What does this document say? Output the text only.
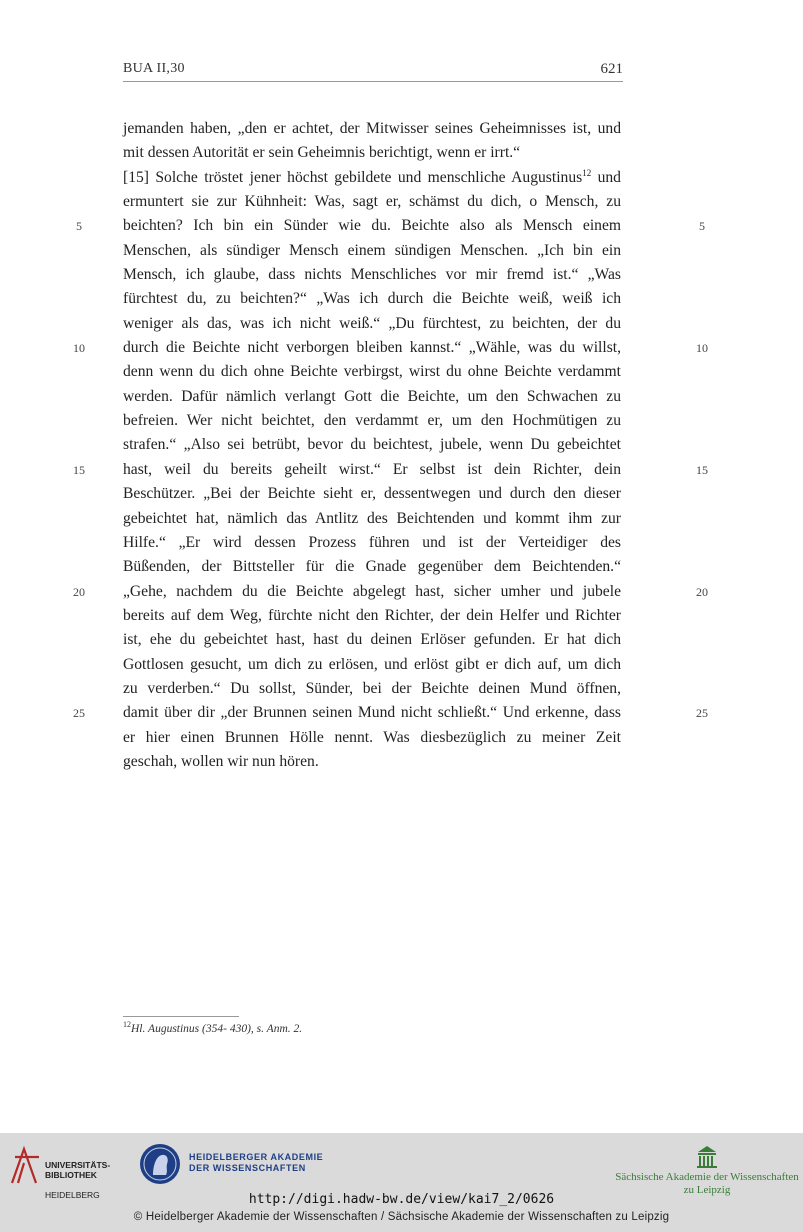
BUA II,30	621
jemanden haben, „den er achtet, der Mitwisser seines Geheimnisses ist, und
mit dessen Autorität er sein Geheimnis berichtigt, wenn er irrt.“
[15] Solche tröstet jener höchst gebildete und menschliche Augustinus$^{12}$ und
ermuntert sie zur Kühnheit: Was, sagt er, schämst du dich, o Mensch, zu
beichten? Ich bin ein Sünder wie du. Beichte also als Mensch einem
Menschen, als sündiger Mensch einem sündigen Menschen. „Ich bin ein
Mensch, ich glaube, dass nichts Menschliches vor mir fremd ist.“ „Was
fürchtest du, zu beichten?“ „Was ich durch die Beichte weiß, weiß ich
weniger als das, was ich nicht weiß.“ „Du fürchtest, zu beichten, der du
durch die Beichte nicht verborgen bleiben kannst.“ „Wähle, was du willst,
denn wenn du dich ohne Beichte verbirgst, wirst du ohne Beichte verdammt
werden. Dafür nämlich verlangt Gott die Beichte, um den Schwachen zu
befreien. Wer nicht beichtet, den verdammt er, um den Hochmütigen zu
strafen.“ „Also sei betrübt, bevor du beichtest, jubele, wenn Du gebeichtet
hast, weil du bereits geheilt wirst.“ Er selbst ist dein Richter, dein
Beschützer. „Bei der Beichte sieht er, dessentwegen und durch den dieser
gebeichtet hat, nämlich das Antlitz des Beichtenden und kommt ihm zur
Hilfe.“ „Er wird dessen Prozess führen und ist der Verteidiger des
Büßenden, der Bittsteller für die Gnade gegenüber dem Beichtenden.“
„Gehe, nachdem du die Beichte abgelegt hast, sicher umher und jubele
bereits auf dem Weg, fürchte nicht den Richter, der dein Helfer und Richter
ist, ehe du gebeichtet hast, hast du deinen Erlöser gefunden. Er hat dich
Gottlosen gesucht, um dich zu erlösen, und erlöst gibt er dich auf, um dich
zu verderben.“ Du sollst, Sünder, bei der Beichte deinen Mund öffnen,
damit über dir „der Brunnen seinen Mund nicht schließt.“ Und erkenne, dass
er hier einen Brunnen Hölle nennt. Was diesbezüglich zu meiner Zeit
geschah, wollen wir nun hören.
5	5
10	10
15	15
20	20
25	25
$^{12}$Hl. Augustinus (354- 430), s. Anm. 2.

UNIVERSITÄTS-
BIBLIOTHEK

HEIDELBERG

HEIDELBERGER AKADEMIE
DER WISSENSCHAFTEN
Sächsische Akademie der Wissenschaften
zu Leipzig
http://digi.hadw-bw.de/view/kai7_2/0626
© Heidelberger Akademie der Wissenschaften / Sächsische Akademie der Wissenschaften zu Leipzig
